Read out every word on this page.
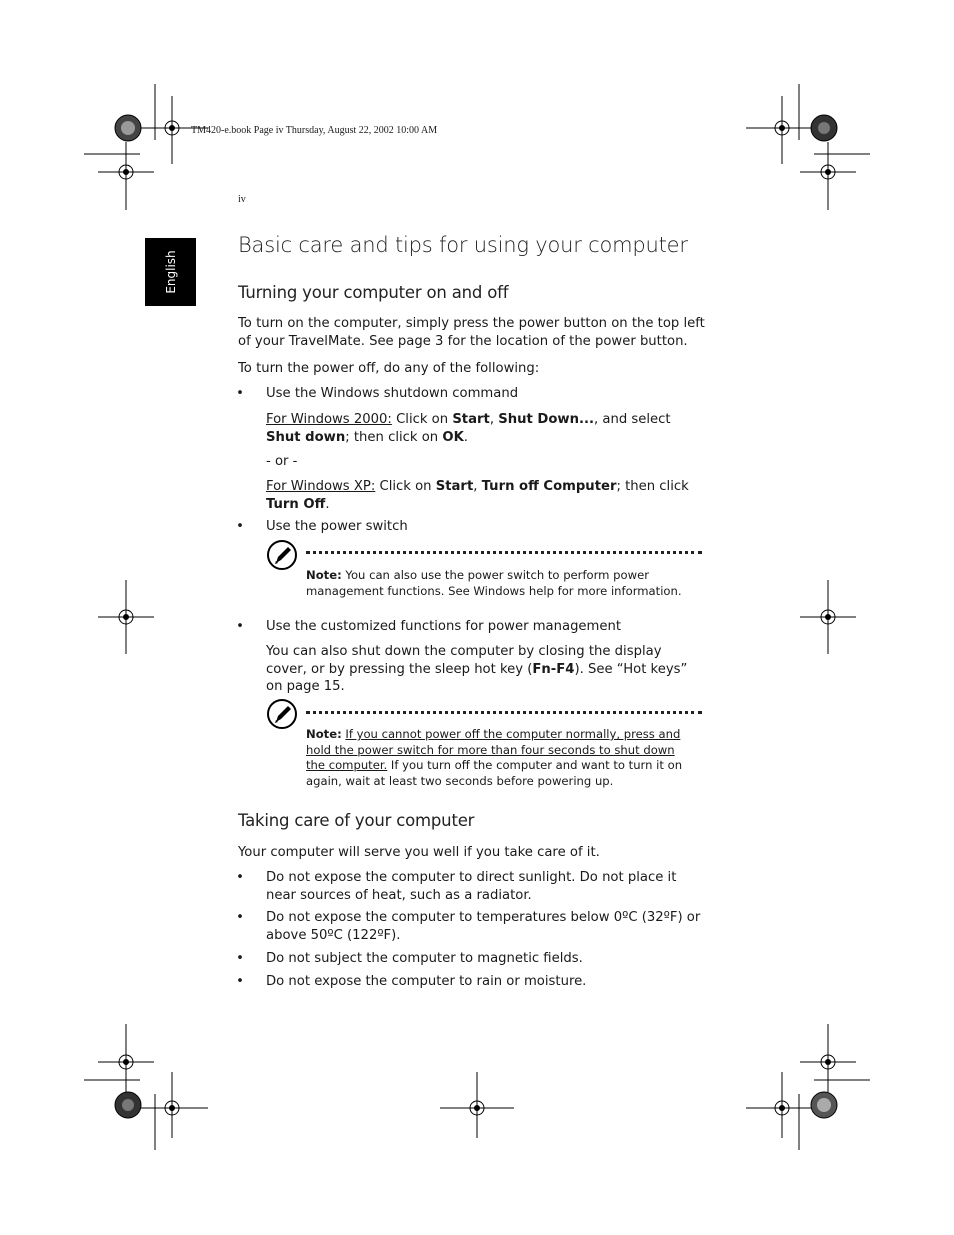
TM420-e.book Page iv Thursday, August 22, 2002 10:00 AM
iv
English
Basic care and tips for using your computer
Turning your computer on and off
To turn on the computer, simply press the power button on the top left of your TravelMate. See page 3 for the location of the power button.
To turn the power off, do any of the following:
• Use the Windows shutdown command
For Windows 2000: Click on Start, Shut Down..., and select Shut down; then click on OK.
- or -
For Windows XP: Click on Start, Turn off Computer; then click Turn Off.
• Use the power switch
Note: You can also use the power switch to perform power management functions. See Windows help for more information.
• Use the customized functions for power management
You can also shut down the computer by closing the display cover, or by pressing the sleep hot key (Fn-F4). See “Hot keys” on page 15.
Note: If you cannot power off the computer normally, press and hold the power switch for more than four seconds to shut down the computer. If you turn off the computer and want to turn it on again, wait at least two seconds before powering up.
Taking care of your computer
Your computer will serve you well if you take care of it.
• Do not expose the computer to direct sunlight. Do not place it near sources of heat, such as a radiator.
• Do not expose the computer to temperatures below 0ºC (32ºF) or above 50ºC (122ºF).
• Do not subject the computer to magnetic fields.
• Do not expose the computer to rain or moisture.
